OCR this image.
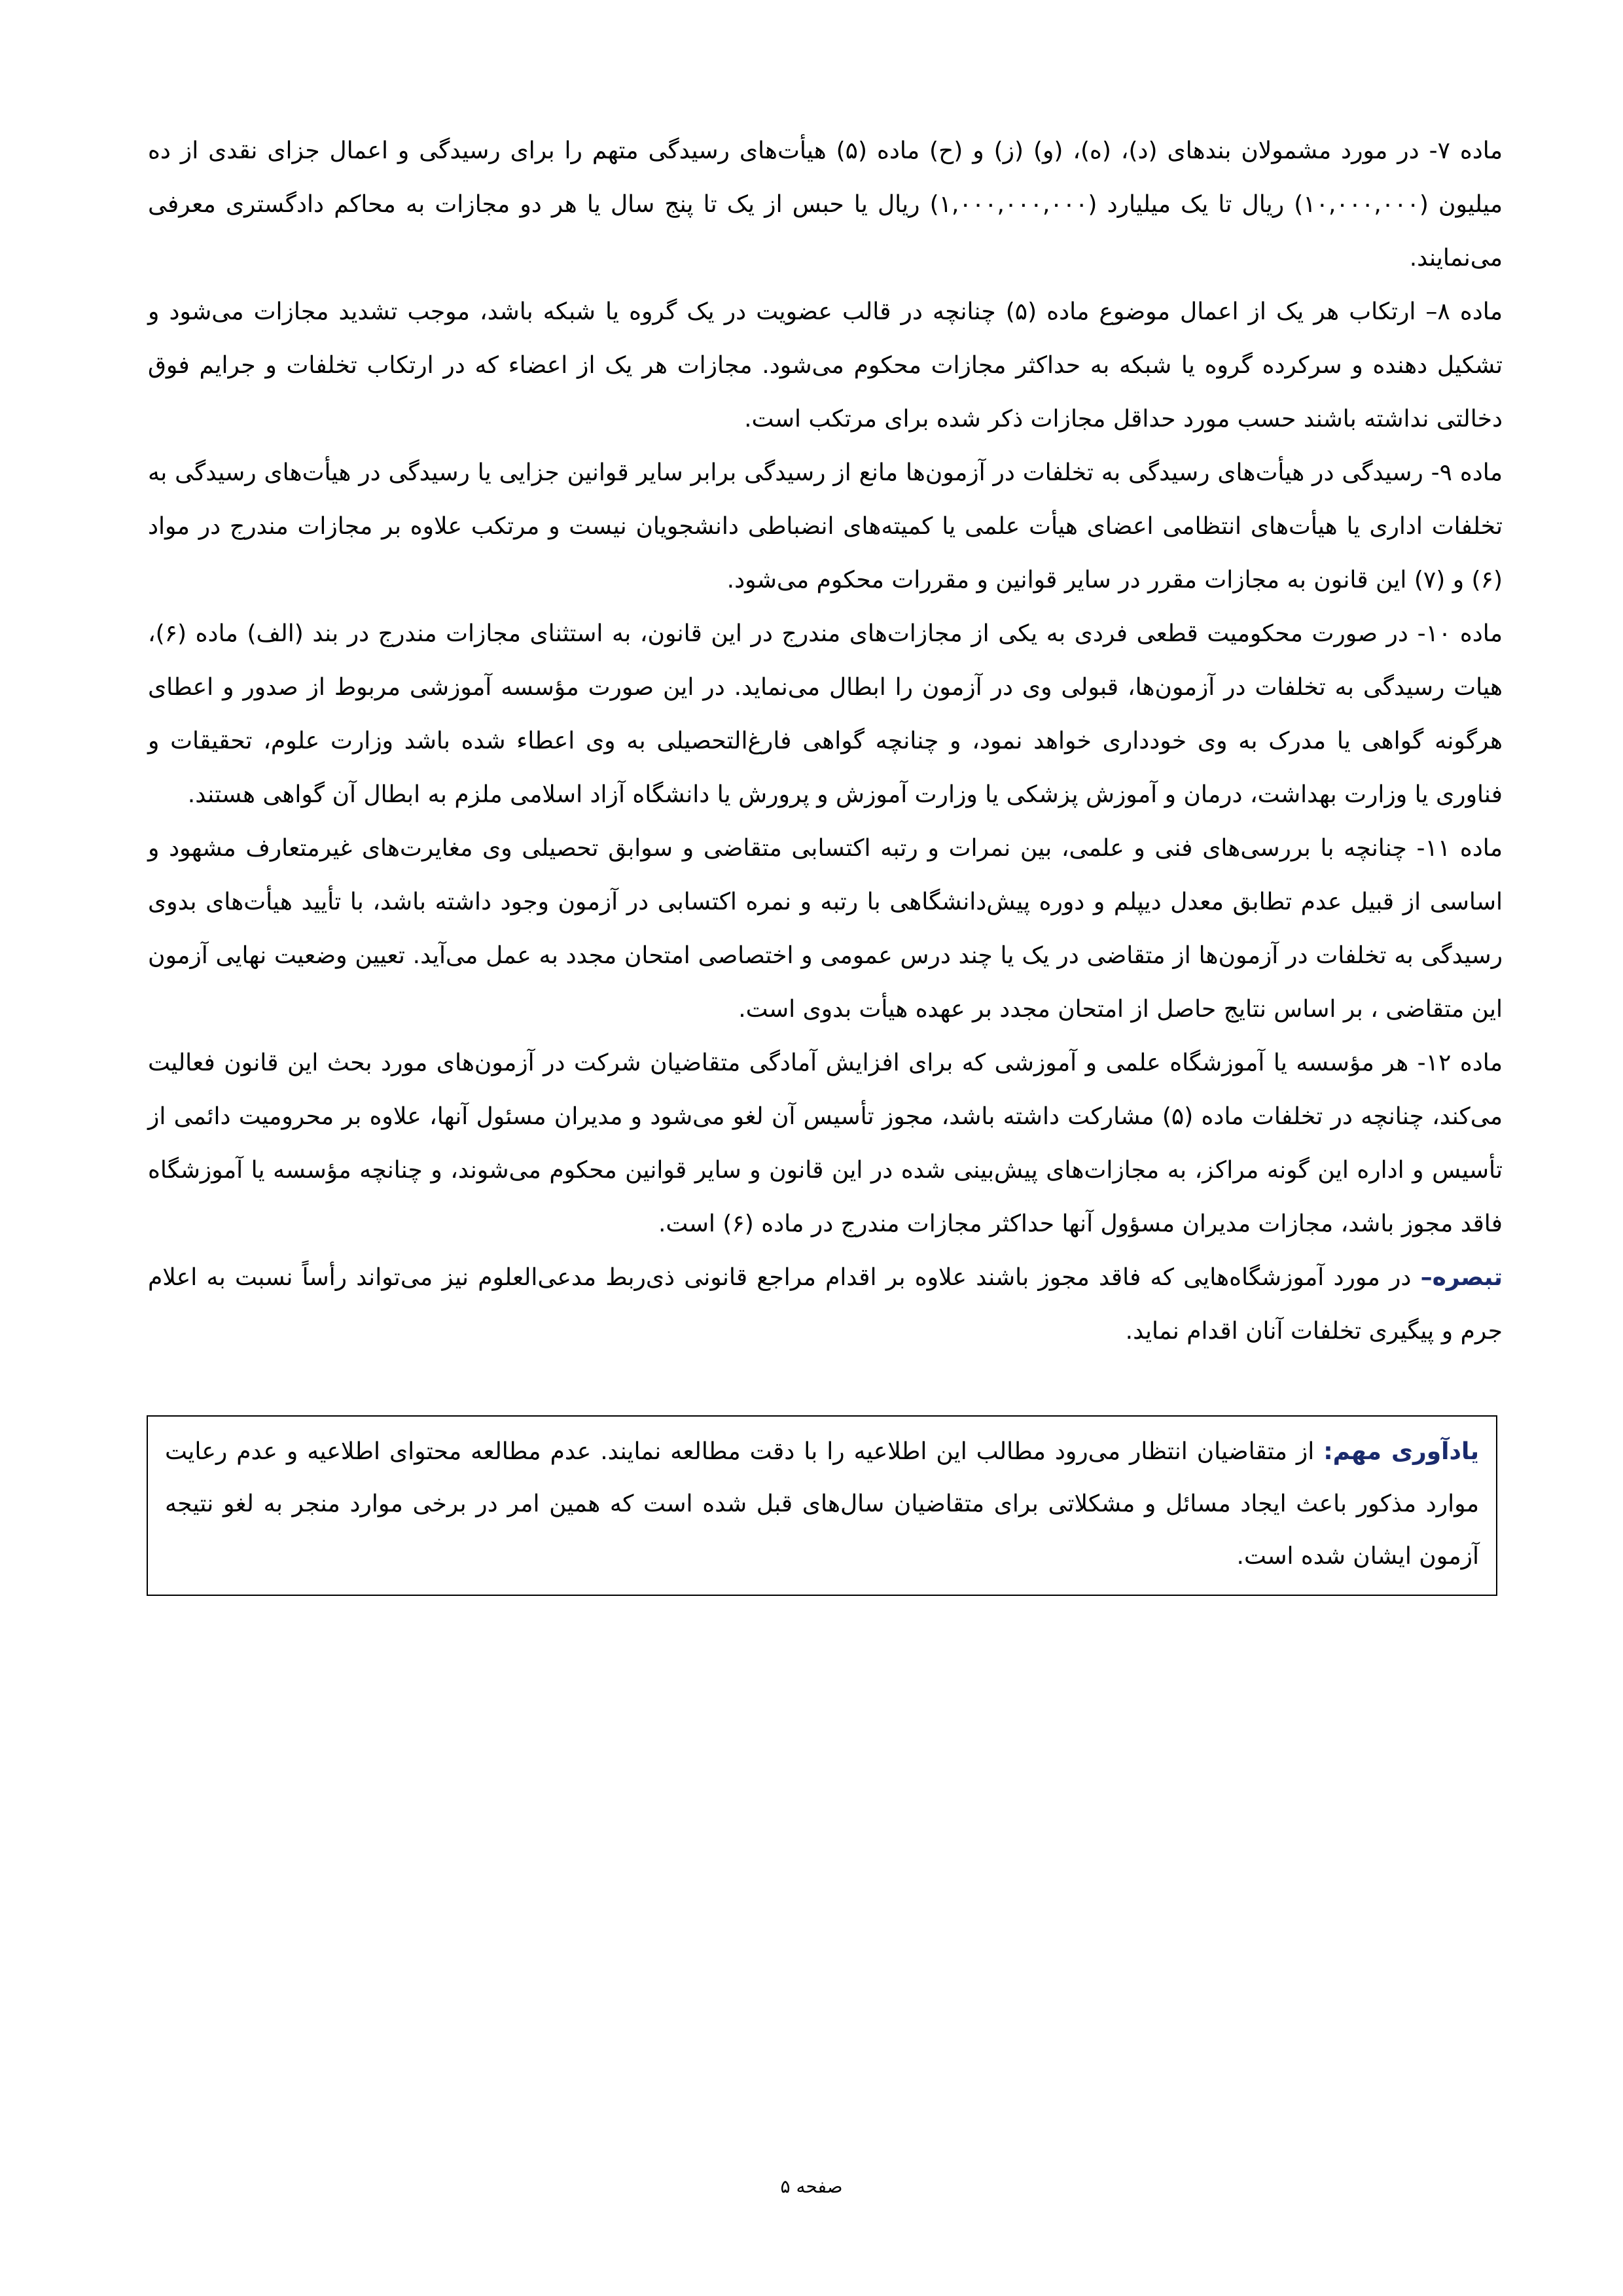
ماده ۷- در مورد مشمولان بندهای (د)، (ه)، (و) (ز) و (ح) ماده (۵) هیأت‌های رسیدگی متهم را برای رسیدگی و اعمال جزای نقدی از ده میلیون (۱۰,۰۰۰,۰۰۰) ریال تا یک میلیارد (۱,۰۰۰,۰۰۰,۰۰۰) ریال یا حبس از یک تا پنج سال یا هر دو مجازات به محاکم دادگستری معرفی می‌نمایند.

ماده ۸– ارتکاب هر یک از اعمال موضوع ماده (۵) چنانچه در قالب عضویت در یک گروه یا شبکه باشد، موجب تشدید مجازات می‌شود و تشکیل دهنده و سرکرده گروه یا شبکه به حداکثر مجازات محکوم می‌شود. مجازات هر یک از اعضاء که در ارتکاب تخلفات و جرایم فوق دخالتی نداشته باشند حسب مورد حداقل مجازات ذکر شده برای مرتکب است.

ماده ۹- رسیدگی در هیأت‌های رسیدگی به تخلفات در آزمون‌ها مانع از رسیدگی برابر سایر قوانین جزایی یا رسیدگی در هیأت‌های رسیدگی به تخلفات اداری یا هیأت‌های انتظامی اعضای هیأت علمی یا کمیته‌های انضباطی دانشجویان نیست و مرتکب علاوه بر مجازات مندرج در مواد (۶) و (۷) این قانون به مجازات مقرر در سایر قوانین و مقررات محکوم می‌شود.

ماده ۱۰- در صورت محکومیت قطعی فردی به یکی از مجازات‌های مندرج در این قانون، به استثنای مجازات مندرج در بند (الف) ماده (۶)، هیات رسیدگی به تخلفات در آزمون‌ها، قبولی وی در آزمون را ابطال می‌نماید. در این صورت مؤسسه آموزشی مربوط از صدور و اعطای هرگونه گواهی یا مدرک به وی خودداری خواهد نمود، و چنانچه گواهی فارغ‌التحصیلی به وی اعطاء شده باشد وزارت علوم، تحقیقات و فناوری یا وزارت بهداشت، درمان و آموزش پزشکی یا وزارت آموزش و پرورش یا دانشگاه آزاد اسلامی ملزم به ابطال آن گواهی هستند.

ماده ۱۱- چنانچه با بررسی‌های فنی و علمی، بین نمرات و رتبه اکتسابی متقاضی و سوابق تحصیلی وی مغایرت‌های غیرمتعارف مشهود و اساسی از قبیل عدم تطابق معدل دیپلم و دوره پیش‌دانشگاهی با رتبه و نمره اکتسابی در آزمون وجود داشته باشد، با تأیید هیأت‌های بدوی رسیدگی به تخلفات در آزمون‌ها از متقاضی در یک یا چند درس عمومی و اختصاصی امتحان مجدد به عمل می‌آید. تعیین وضعیت نهایی آزمون این متقاضی ، بر اساس نتایج حاصل از امتحان مجدد بر عهده هیأت بدوی است.

ماده ۱۲- هر مؤسسه یا آموزشگاه علمی و آموزشی که برای افزایش آمادگی متقاضیان شرکت در آزمون‌های مورد بحث این قانون فعالیت می‌کند، چنانچه در تخلفات ماده (۵) مشارکت داشته باشد، مجوز تأسیس آن لغو می‌شود و مدیران مسئول آنها، علاوه بر محرومیت دائمی از تأسیس و اداره این گونه مراکز، به مجازات‌های پیش‌بینی شده در این قانون و سایر قوانین محکوم می‌شوند، و چنانچه مؤسسه یا آموزشگاه فاقد مجوز باشد، مجازات مدیران مسؤول آنها حداکثر مجازات مندرج در ماده (۶) است.

تبصره– در مورد آموزشگاه‌هایی که فاقد مجوز باشند علاوه بر اقدام مراجع قانونی ذی‌ربط مدعی‌العلوم نیز می‌تواند رأساً نسبت به اعلام جرم و پیگیری تخلفات آنان اقدام نماید.

یادآوری مهم: از متقاضیان انتظار می‌رود مطالب این اطلاعیه را با دقت مطالعه نمایند. عدم مطالعه محتوای اطلاعیه و عدم رعایت موارد مذکور باعث ایجاد مسائل و مشکلاتی برای متقاضیان سال‌های قبل شده است که همین امر در برخی موارد منجر به لغو نتیجه آزمون ایشان شده است.

صفحه ۵
